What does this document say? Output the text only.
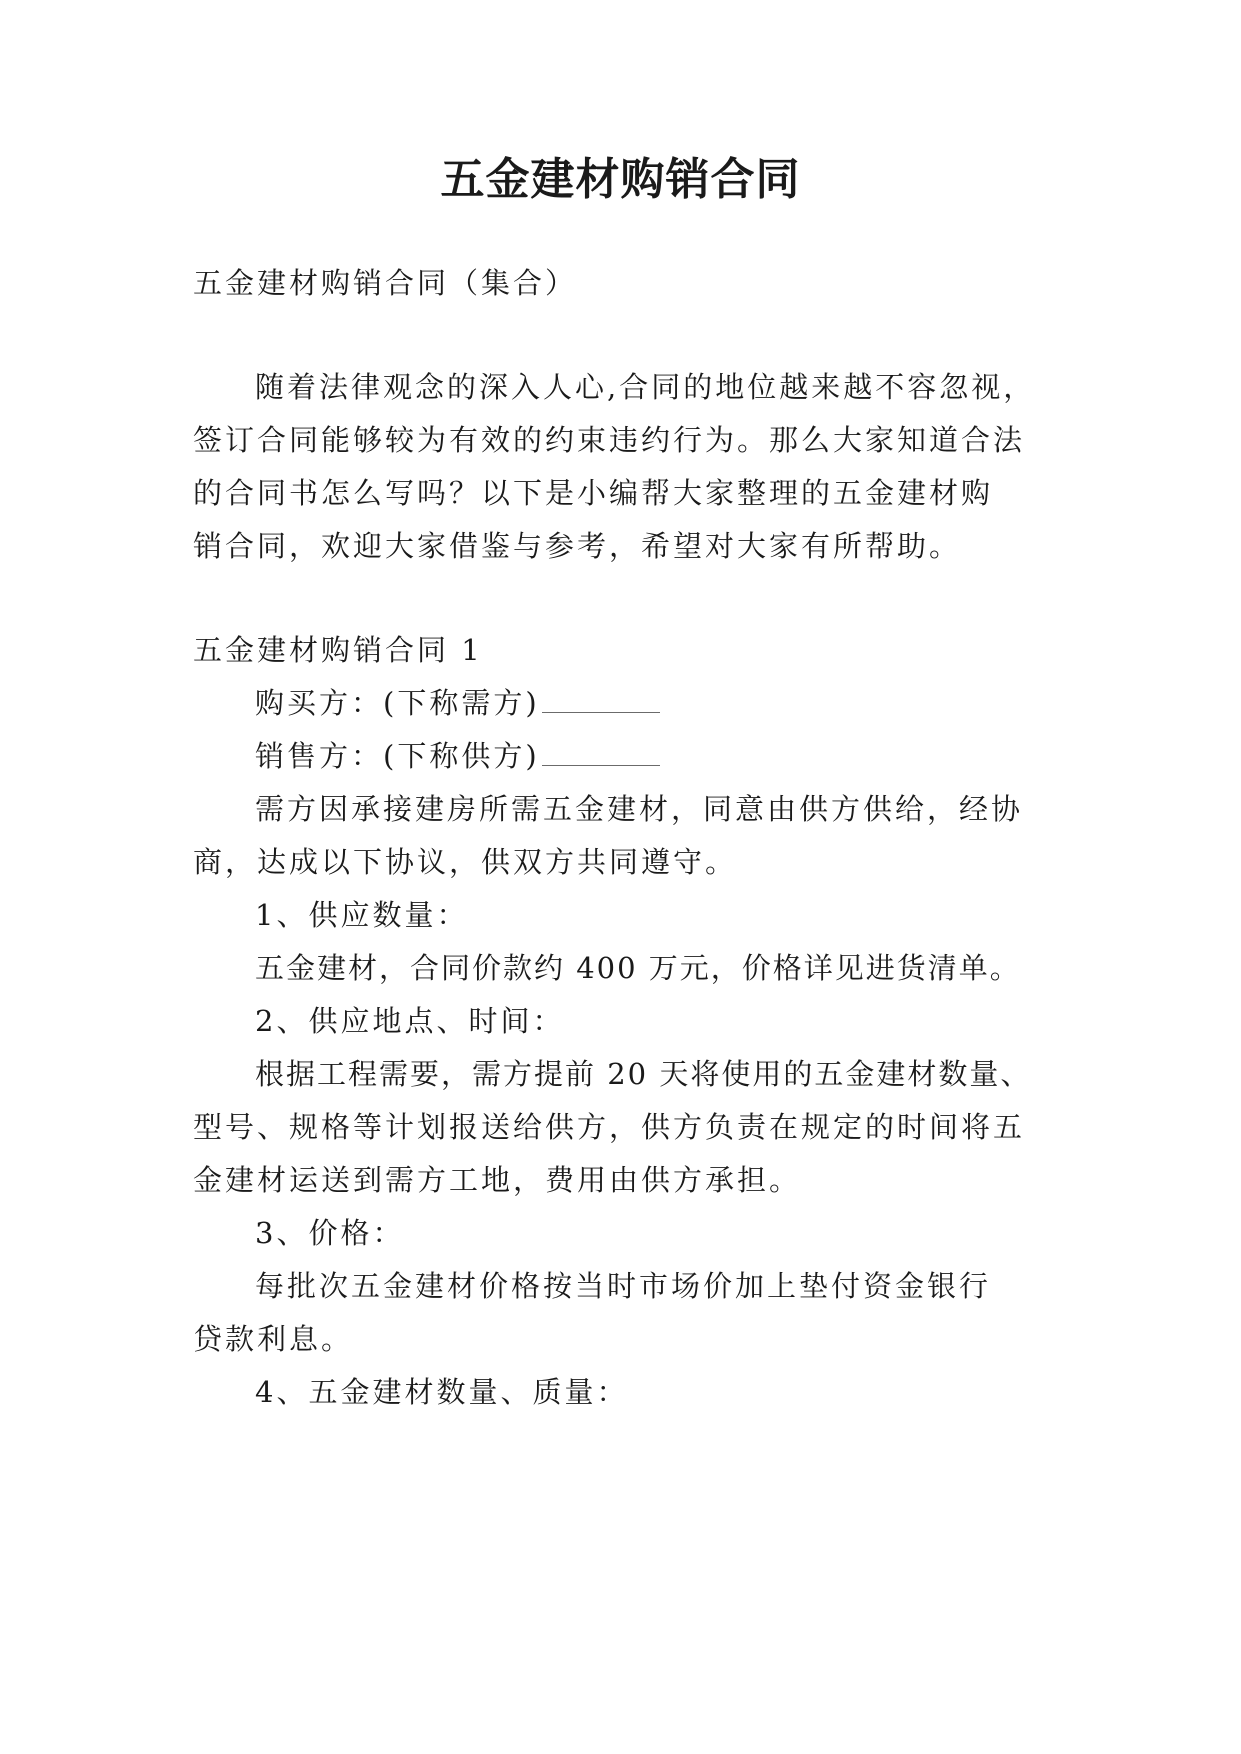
五金建材购销合同
五金建材购销合同（集合）
随着法律观念的深入人心,合同的地位越来越不容忽视，
签订合同能够较为有效的约束违约行为。那么大家知道合法
的合同书怎么写吗？以下是小编帮大家整理的五金建材购
销合同，欢迎大家借鉴与参考，希望对大家有所帮助。
五金建材购销合同 1
购买方：(下称需方)
销售方：(下称供方)
需方因承接建房所需五金建材，同意由供方供给，经协
商，达成以下协议，供双方共同遵守。
1、供应数量：
五金建材，合同价款约 400 万元，价格详见进货清单。
2、供应地点、时间：
根据工程需要，需方提前 20 天将使用的五金建材数量、
型号、规格等计划报送给供方，供方负责在规定的时间将五
金建材运送到需方工地，费用由供方承担。
3、价格：
每批次五金建材价格按当时市场价加上垫付资金银行
贷款利息。
4、五金建材数量、质量：
